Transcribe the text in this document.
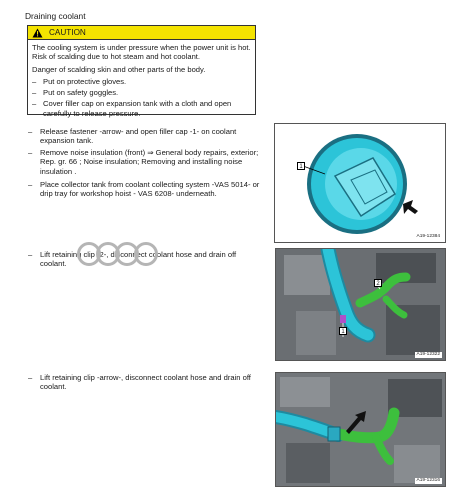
Draining coolant
CAUTION

The cooling system is under pressure when the power unit is hot. Risk of scalding due to hot steam and hot coolant.

Danger of scalding skin and other parts of the body.

– Put on protective gloves.
– Put on safety goggles.
– Cover filler cap on expansion tank with a cloth and open carefully to release pressure.
– Release fastener -arrow- and open filler cap -1- on coolant expansion tank.

– Remove noise insulation (front) ⇒ General body repairs, exterior; Rep. gr. 66 ; Noise insulation; Removing and installing noise insulation .

– Place collector tank from coolant collecting system -VAS 5014- or drip tray for workshop hoist - VAS 6208- underneath.

– Lift retaining clip -2-, disconnect coolant hose and drain off coolant.

– Lift retaining clip -arrow-, disconnect coolant hose and drain off coolant.

1
A19-12384
2
1
A19-12322
A19-12316
